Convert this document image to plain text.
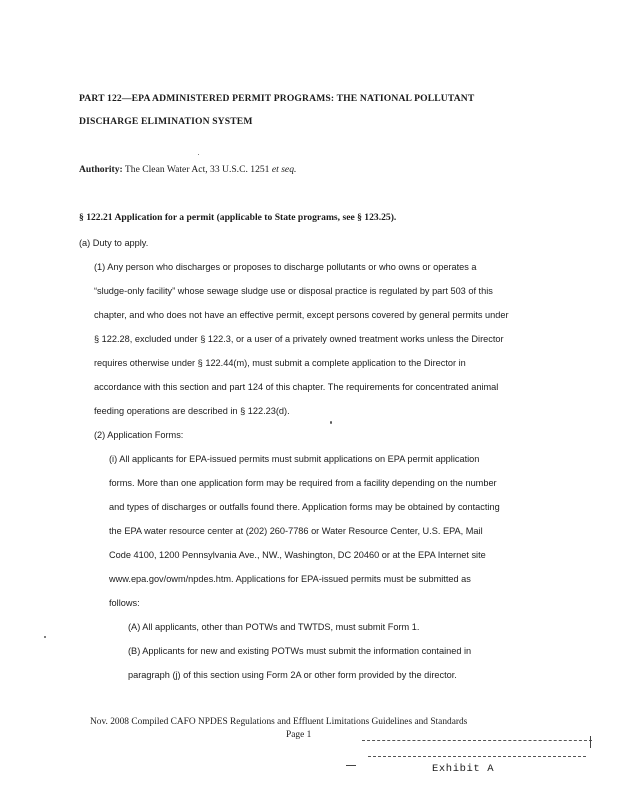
PART 122—EPA ADMINISTERED PERMIT PROGRAMS: THE NATIONAL POLLUTANT
DISCHARGE ELIMINATION SYSTEM
Authority: The Clean Water Act, 33 U.S.C. 1251 et seq.
§ 122.21 Application for a permit (applicable to State programs, see § 123.25).
(a) Duty to apply.
(1) Any person who discharges or proposes to discharge pollutants or who owns or operates a
“sludge-only facility” whose sewage sludge use or disposal practice is regulated by part 503 of this
chapter, and who does not have an effective permit, except persons covered by general permits under
§ 122.28, excluded under § 122.3, or a user of a privately owned treatment works unless the Director
requires otherwise under § 122.44(m), must submit a complete application to the Director in
accordance with this section and part 124 of this chapter. The requirements for concentrated animal
feeding operations are described in § 122.23(d).
(2) Application Forms:
(i) All applicants for EPA-issued permits must submit applications on EPA permit application
forms. More than one application form may be required from a facility depending on the number
and types of discharges or outfalls found there. Application forms may be obtained by contacting
the EPA water resource center at (202) 260-7786 or Water Resource Center, U.S. EPA, Mail
Code 4100, 1200 Pennsylvania Ave., NW., Washington, DC 20460 or at the EPA Internet site
www.epa.gov/owm/npdes.htm. Applications for EPA-issued permits must be submitted as
follows:
(A) All applicants, other than POTWs and TWTDS, must submit Form 1.
(B) Applicants for new and existing POTWs must submit the information contained in
paragraph (j) of this section using Form 2A or other form provided by the director.
Nov. 2008 Compiled CAFO NPDES Regulations and Effluent Limitations Guidelines and Standards
Page 1
Exhibit A
